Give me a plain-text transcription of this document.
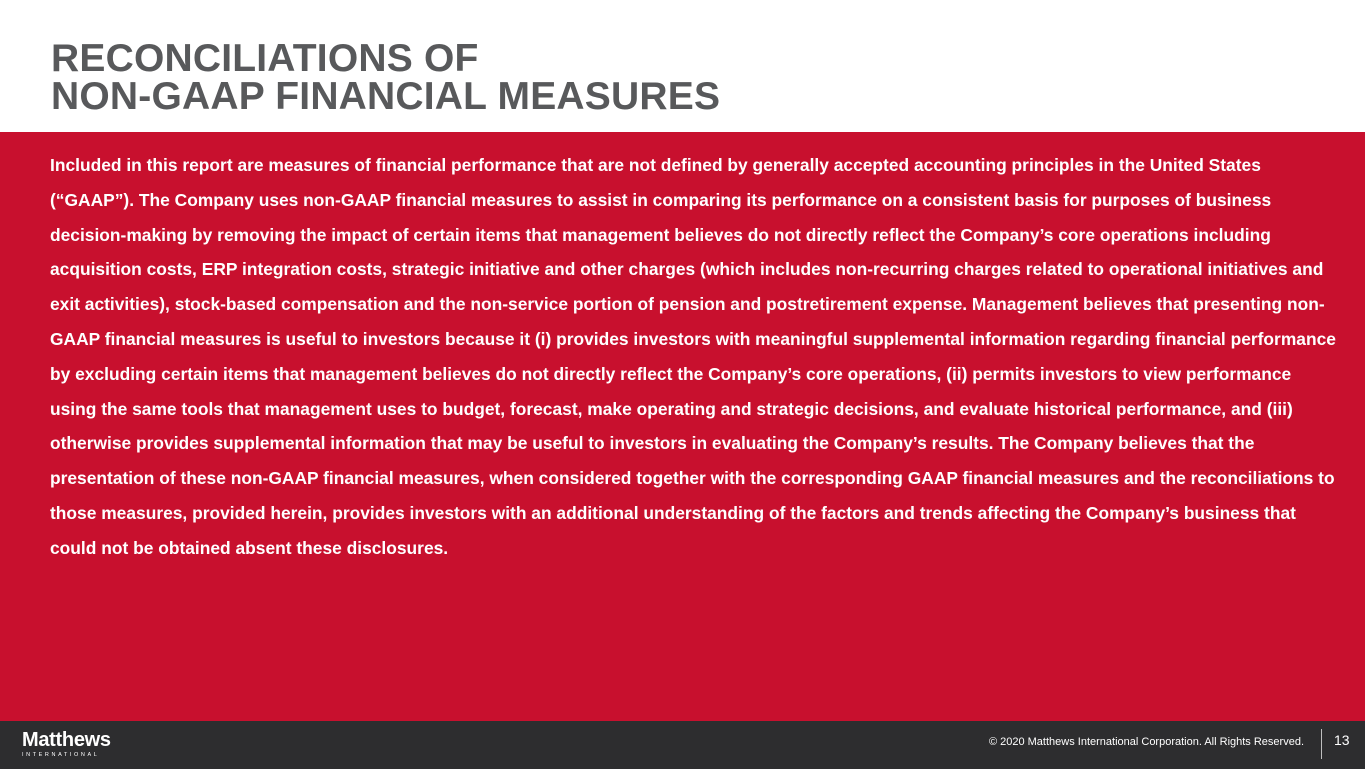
RECONCILIATIONS OF
NON-GAAP FINANCIAL MEASURES

Included in this report are measures of financial performance that are not defined by generally accepted accounting principles in the United States (“GAAP”). The Company uses non-GAAP financial measures to assist in comparing its performance on a consistent basis for purposes of business decision-making by removing the impact of certain items that management believes do not directly reflect the Company’s core operations including acquisition costs, ERP integration costs, strategic initiative and other charges (which includes non-recurring charges related to operational initiatives and exit activities), stock-based compensation and the non-service portion of pension and postretirement expense. Management believes that presenting non-GAAP financial measures is useful to investors because it (i) provides investors with meaningful supplemental information regarding financial performance by excluding certain items that management believes do not directly reflect the Company’s core operations, (ii) permits investors to view performance using the same tools that management uses to budget, forecast, make operating and strategic decisions, and evaluate historical performance, and (iii) otherwise provides supplemental information that may be useful to investors in evaluating the Company’s results. The Company believes that the presentation of these non-GAAP financial measures, when considered together with the corresponding GAAP financial measures and the reconciliations to those measures, provided herein, provides investors with an additional understanding of the factors and trends affecting the Company’s business that could not be obtained absent these disclosures.

Matthews
INTERNATIONAL
© 2020 Matthews International Corporation. All Rights Reserved. 13
